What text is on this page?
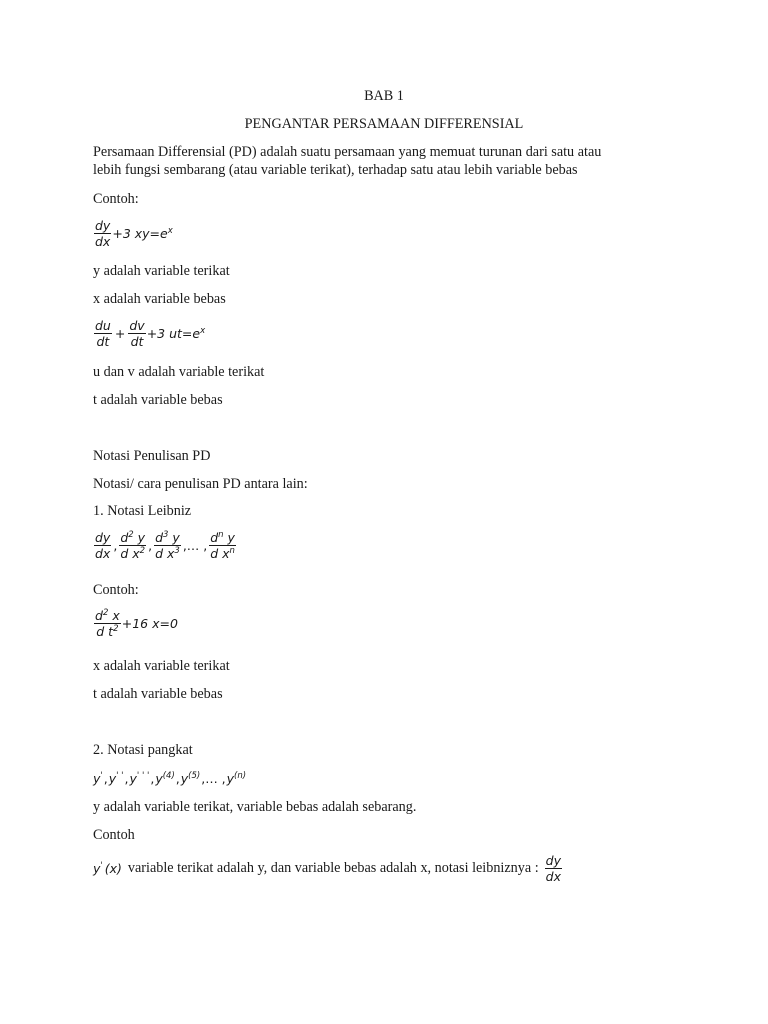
BAB 1
PENGANTAR PERSAMAAN DIFFERENSIAL
Persamaan Differensial (PD) adalah suatu persamaan yang memuat turunan dari satu atau
lebih fungsi sembarang (atau variable terikat), terhadap satu atau lebih variable bebas
Contoh:
$\frac{dy}{dx} +3$ $xy=e^x$
y adalah variable terikat
x adalah variable bebas
$\frac{du}{dt} + \frac{dv}{dt} +3$ $ut=e^x$
u dan v adalah variable terikat
t adalah variable bebas
Notasi Penulisan PD
Notasi/ cara penulisan PD antara lain:
1. Notasi Leibniz
$\frac{dy}{dx}$ , $\frac{d^2 y}{d x^2}$ , $\frac{d^3 y}{d x^3}$ ,… , $\frac{d^n y}{d x^n}$
Contoh:
$\frac{d^2 x}{d t^2} +16$ x=0
x adalah variable terikat
t adalah variable bebas
2. Notasi pangkat
y' , y' ' , y' ' ' , $y^{(4)}$ , $y^{(5)}$ ,… , $y^{(n)}$
y adalah variable terikat, variable bebas adalah sebarang.
Contoh
y' (x) variable terikat adalah y, dan variable bebas adalah x, notasi leibniznya : $\frac{dy}{dx}$
